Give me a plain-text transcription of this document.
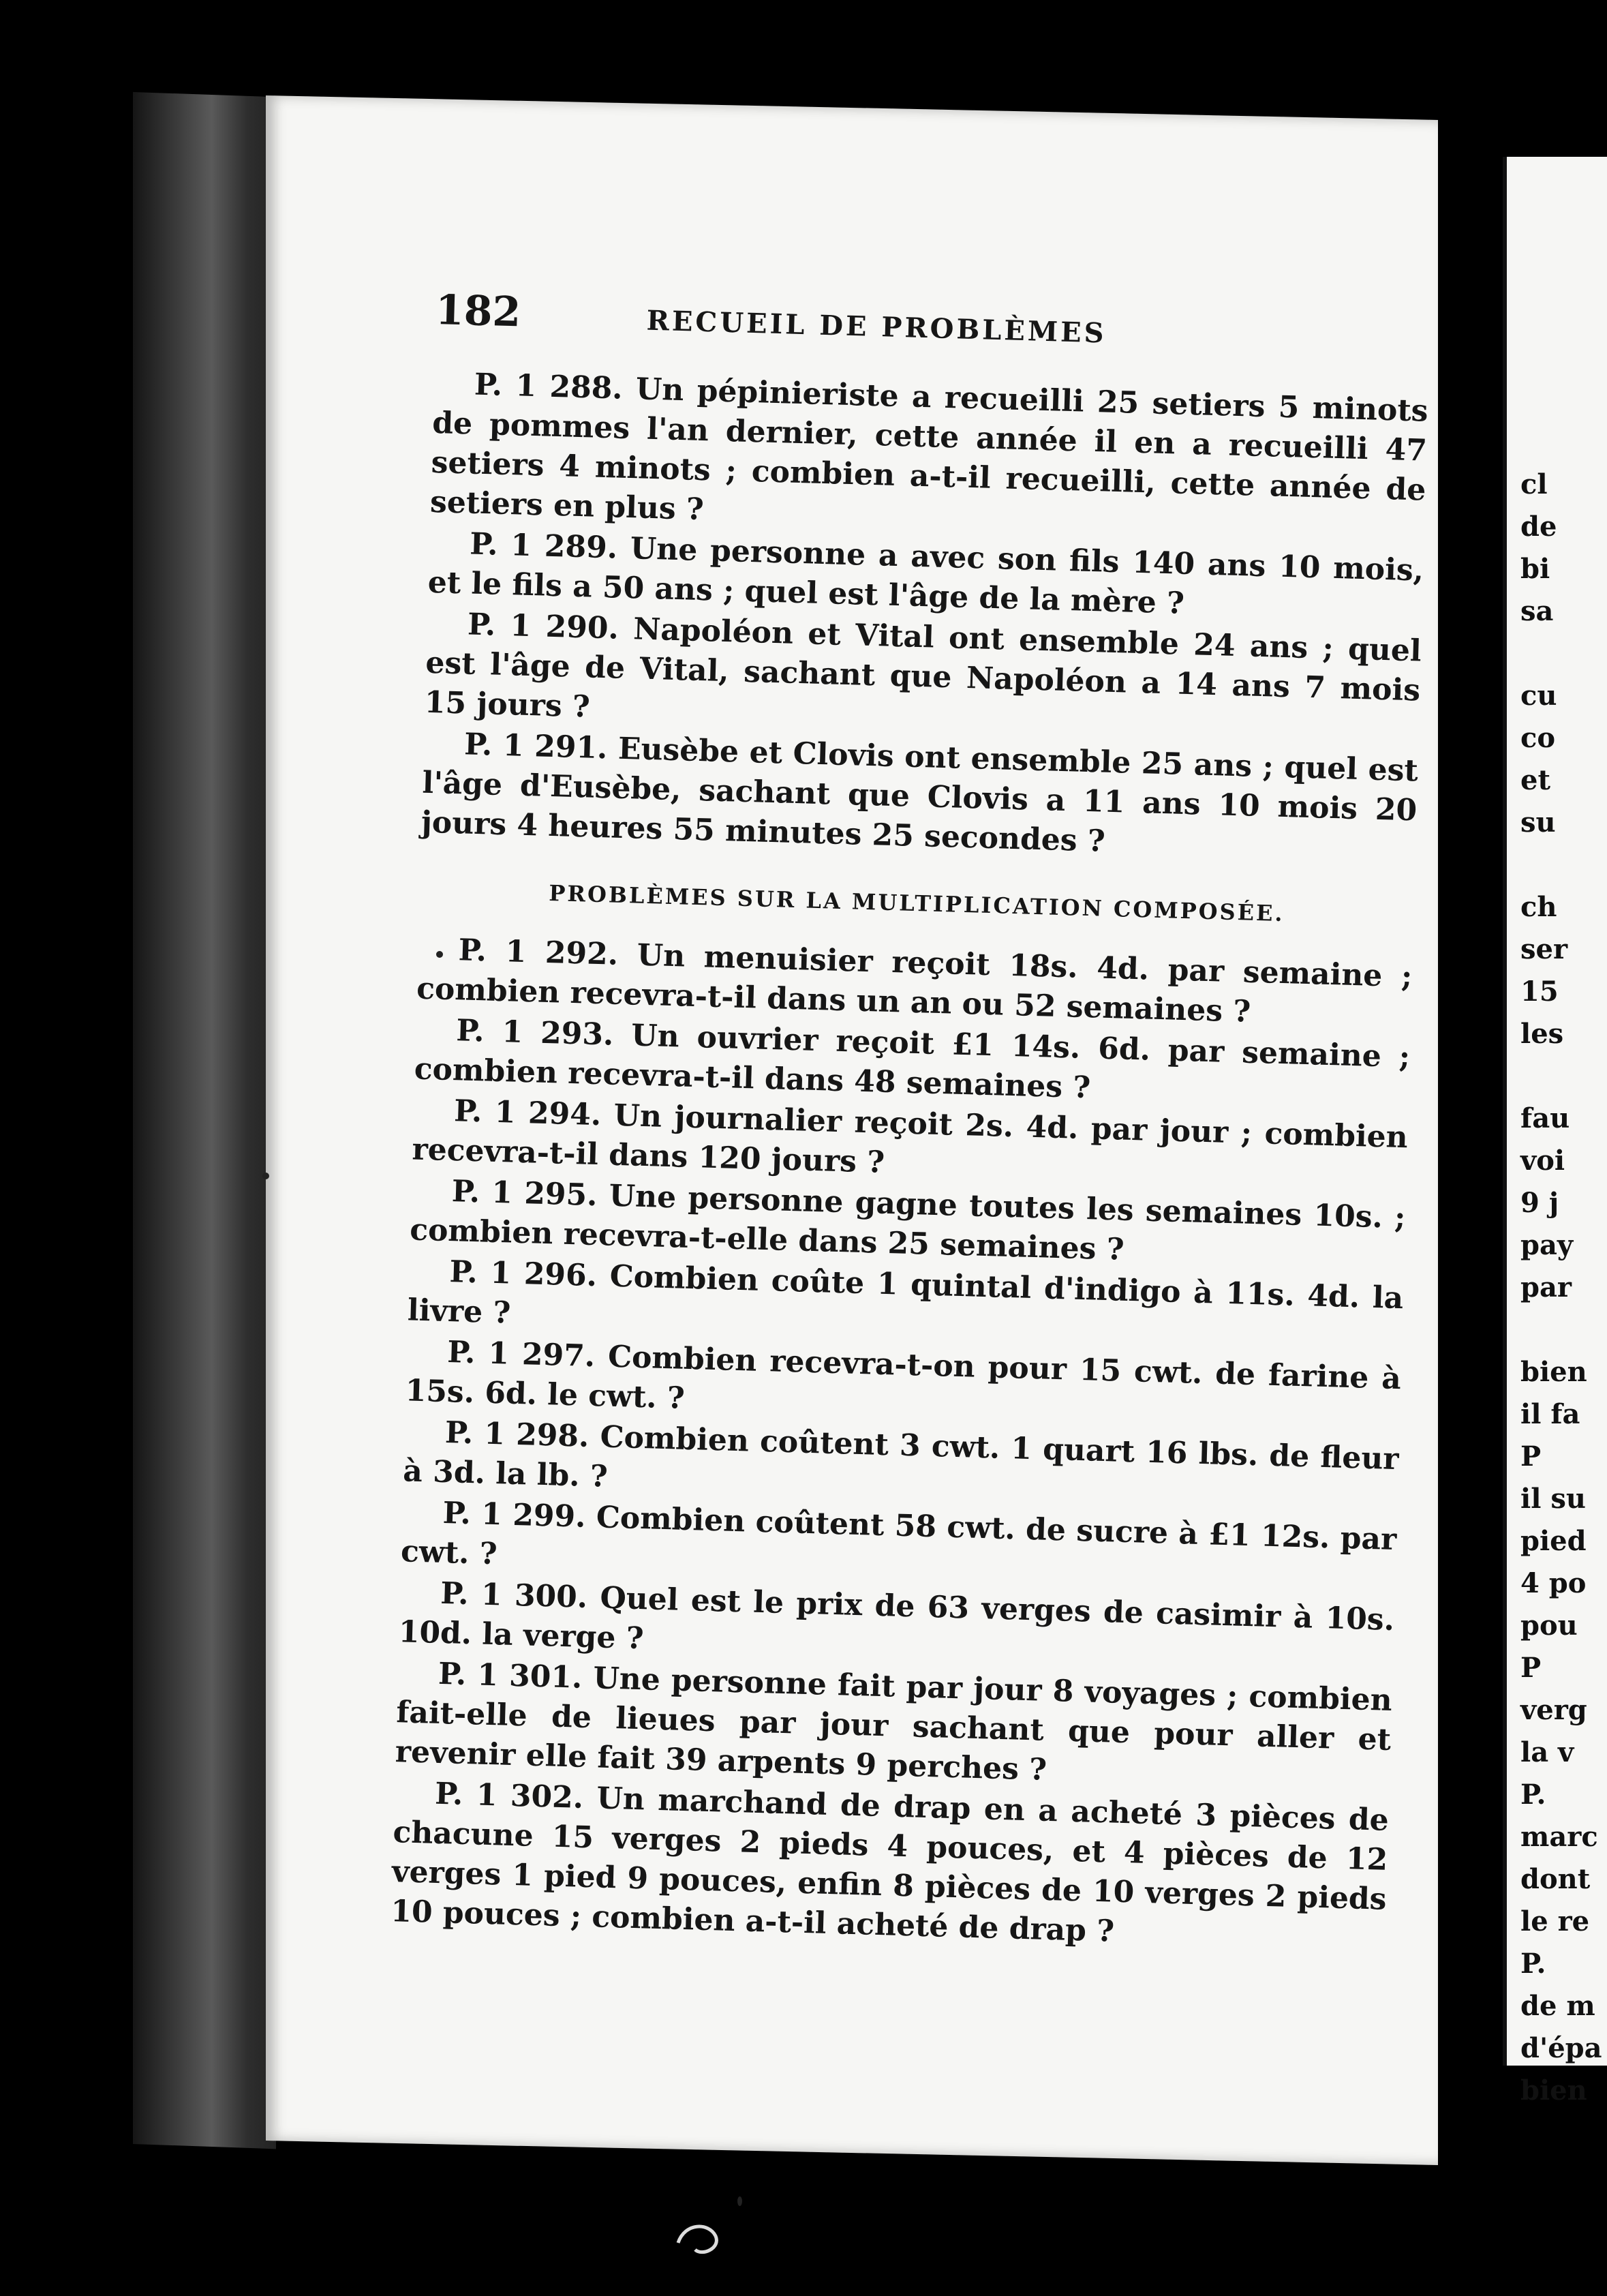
cl
de
bi
sa

cu
co
et
su

ch
ser
15
les

fau
voi
9 j
pay
par

bien
il fa
P
il su
pied
4 po
pou
P
verg
la v
P.
marc
dont
le re
P.
de m
d'épa
bien
182	RECUEIL DE PROBLÈMES

P. 1 288. Un pépinieriste a recueilli 25 setiers 5 minots de pommes l'an dernier, cette année il en a recueilli 47 setiers 4 minots ; combien a-t-il recueilli, cette année de setiers en plus ?

P. 1 289. Une personne a avec son fils 140 ans 10 mois, et le fils a 50 ans ; quel est l'âge de la mère ?

P. 1 290. Napoléon et Vital ont ensemble 24 ans ; quel est l'âge de Vital, sachant que Napoléon a 14 ans 7 mois 15 jours ?

P. 1 291. Eusèbe et Clovis ont ensemble 25 ans ; quel est l'âge d'Eusèbe, sachant que Clovis a 11 ans 10 mois 20 jours 4 heures 55 minutes 25 secondes ?

PROBLÈMES SUR LA MULTIPLICATION COMPOSÉE.

P. 1 292. Un menuisier reçoit 18s. 4d. par semaine ; combien recevra-t-il dans un an ou 52 semaines ?

P. 1 293. Un ouvrier reçoit £1 14s. 6d. par semaine ; combien recevra-t-il dans 48 semaines ?

P. 1 294. Un journalier reçoit 2s. 4d. par jour ; combien recevra-t-il dans 120 jours ?

P. 1 295. Une personne gagne toutes les semaines 10s. ; combien recevra-t-elle dans 25 semaines ?

P. 1 296. Combien coûte 1 quintal d'indigo à 11s. 4d. la livre ?

P. 1 297. Combien recevra-t-on pour 15 cwt. de farine à 15s. 6d. le cwt. ?

P. 1 298. Combien coûtent 3 cwt. 1 quart 16 lbs. de fleur à 3d. la lb. ?

P. 1 299. Combien coûtent 58 cwt. de sucre à £1 12s. par cwt. ?

P. 1 300. Quel est le prix de 63 verges de casimir à 10s. 10d. la verge ?

P. 1 301. Une personne fait par jour 8 voyages ; combien fait-elle de lieues par jour sachant que pour aller et revenir elle fait 39 arpents 9 perches ?

P. 1 302. Un marchand de drap en a acheté 3 pièces de chacune 15 verges 2 pieds 4 pouces, et 4 pièces de 12 verges 1 pied 9 pouces, enfin 8 pièces de 10 verges 2 pieds 10 pouces ; combien a-t-il acheté de drap ?
